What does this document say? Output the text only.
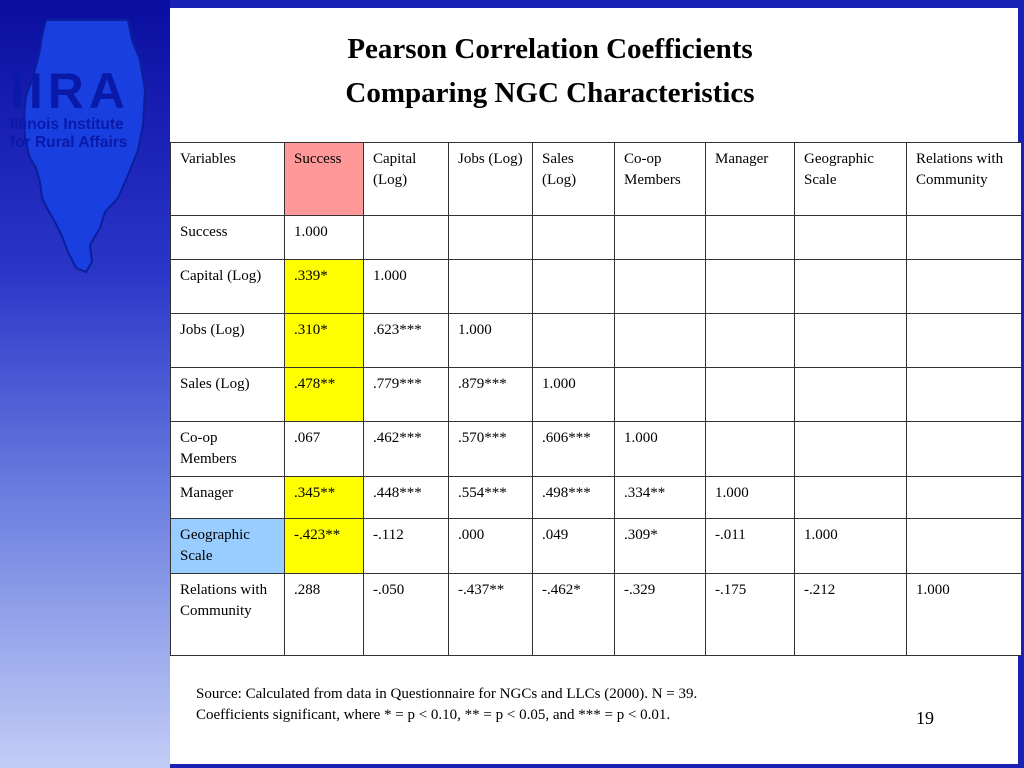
IIRA
Illinois Institute
for Rural Affairs
Pearson Correlation Coefficients
Comparing NGC Characteristics
Variables	Success	Capital (Log)	Jobs (Log)	Sales (Log)	Co-op Members	Manager	Geographic Scale	Relations with Community
Success	1.000							
Capital (Log)	.339*	1.000						
Jobs (Log)	.310*	.623***	1.000					
Sales (Log)	.478**	.779***	.879***	1.000				
Co-op Members	.067	.462***	.570***	.606***	1.000			
Manager	.345**	.448***	.554***	.498***	.334**	1.000		
Geographic Scale	-.423**	-.112	.000	.049	.309*	-.011	1.000	
Relations with Community	.288	-.050	-.437**	-.462*	-.329	-.175	-.212	1.000
Source: Calculated from data in Questionnaire for NGCs and LLCs (2000). N = 39.
Coefficients significant, where * = p < 0.10, ** = p < 0.05, and *** = p < 0.01.	19
